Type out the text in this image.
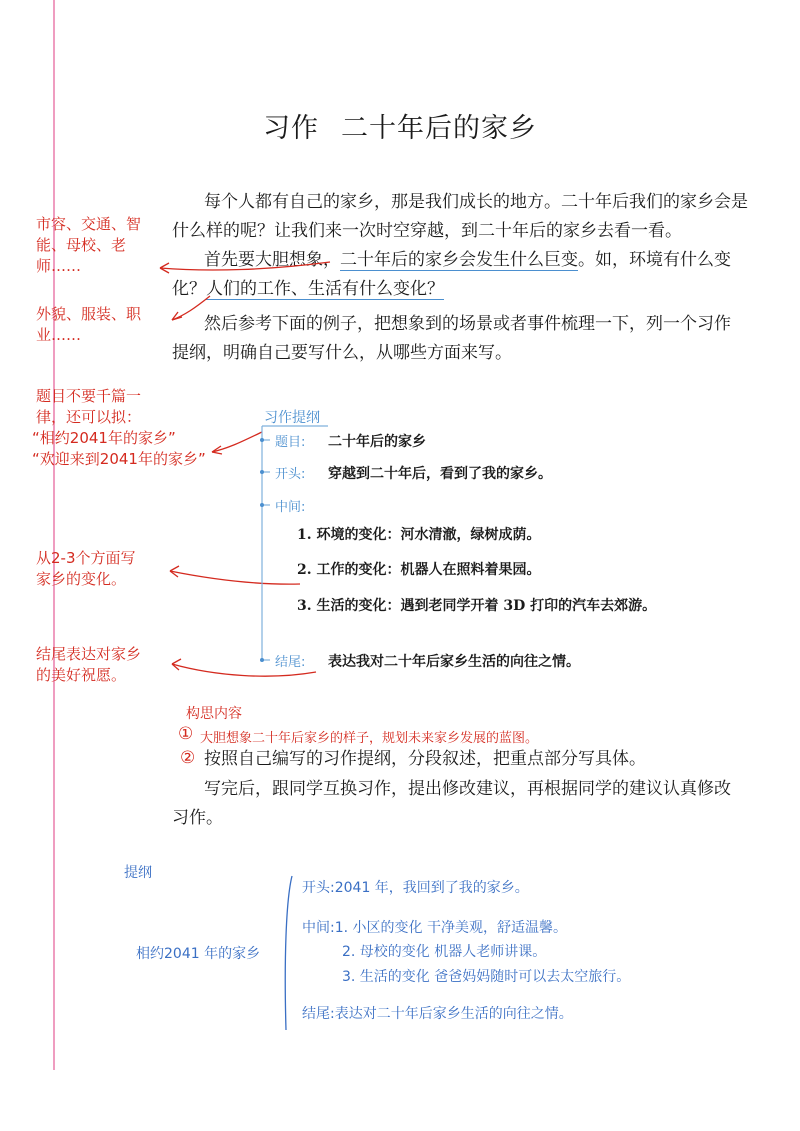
习作 二十年后的家乡
每个人都有自己的家乡，那是我们成长的地方。二十年后我们的家乡会是
什么样的呢？让我们来一次时空穿越，到二十年后的家乡去看一看。
首先要大胆想象，二十年后的家乡会发生什么巨变。如，环境有什么变
化？人们的工作、生活有什么变化？
然后参考下面的例子，把想象到的场景或者事件梳理一下，列一个习作
提纲，明确自己要写什么，从哪些方面来写。
市容、交通、智
能、母校、老
师……
外貌、服装、职
业……
题目不要千篇一
律，还可以拟：
“相约2041年的家乡”
“欢迎来到2041年的家乡”
从2-3个方面写
家乡的变化。
结尾表达对家乡
的美好祝愿。
习作提纲
题目: 二十年后的家乡
开头: 穿越到二十年后，看到了我的家乡。
中间:
1. 环境的变化：河水清澈，绿树成荫。
2. 工作的变化：机器人在照料着果园。
3. 生活的变化：遇到老同学开着 3D 打印的汽车去郊游。
结尾: 表达我对二十年后家乡生活的向往之情。
构思内容
① 大胆想象二十年后家乡的样子，规划未来家乡发展的蓝图。
② 按照自己编写的习作提纲，分段叙述，把重点部分写具体。
写完后，跟同学互换习作，提出修改建议，再根据同学的建议认真修改
习作。
提纲
相约2041 年的家乡
开头:2041 年，我回到了我的家乡。
中间:1. 小区的变化 干净美观，舒适温馨。
2. 母校的变化 机器人老师讲课。
3. 生活的变化 爸爸妈妈随时可以去太空旅行。
结尾:表达对二十年后家乡生活的向往之情。
